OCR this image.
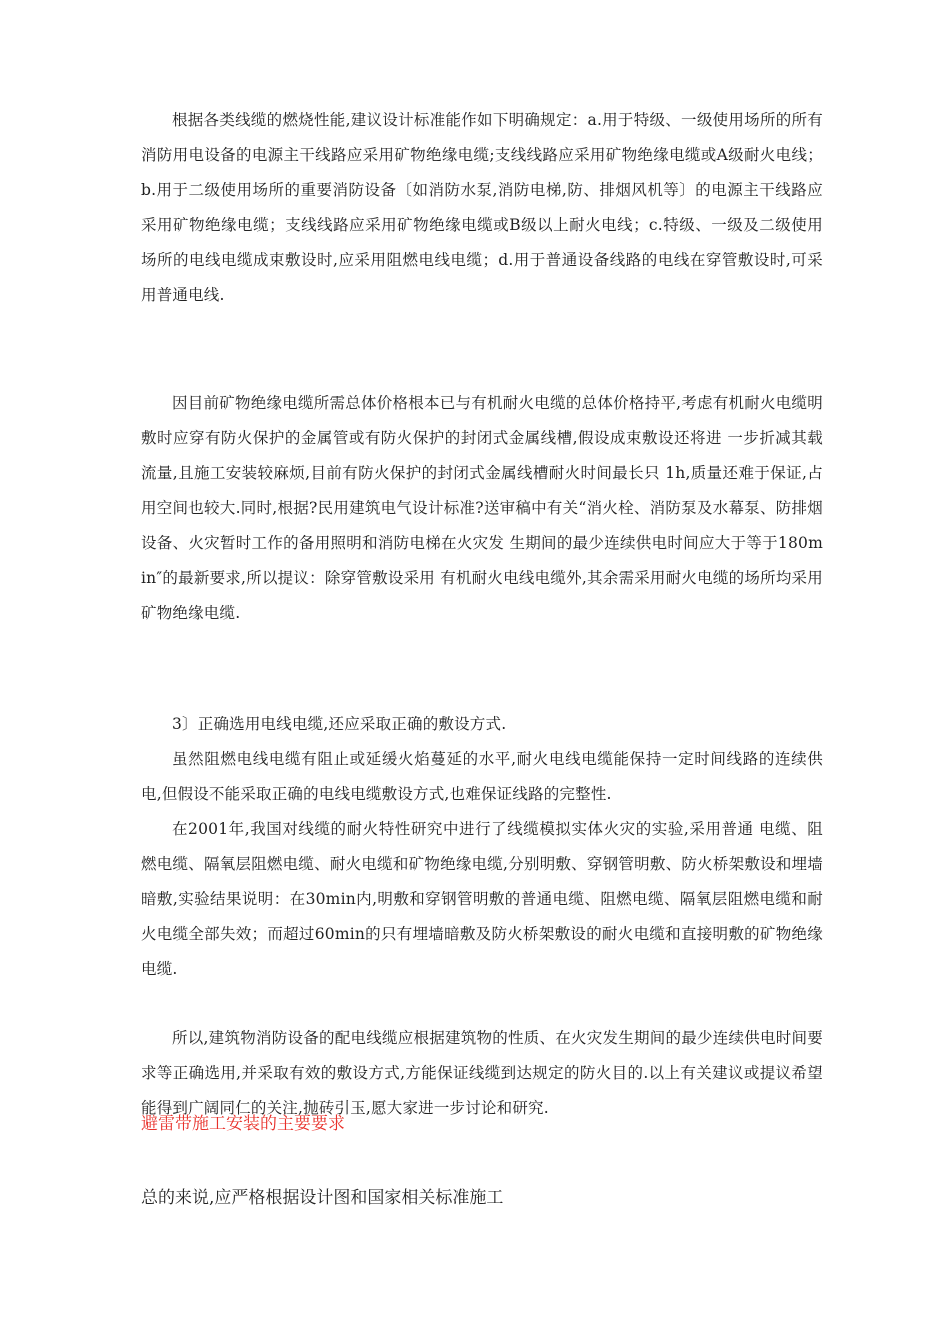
根据各类线缆的燃烧性能,建议设计标准能作如下明确规定：a.用于特级、一级使用场所的所有消防用电设备的电源主干线路应采用矿物绝缘电缆;支线线路应采用矿物绝缘电缆或A级耐火电线；b.用于二级使用场所的重要消防设备〔如消防水泵,消防电梯,防、排烟风机等〕的电源主干线路应采用矿物绝缘电缆；支线线路应采用矿物绝缘电缆或B级以上耐火电线；c.特级、一级及二级使用场所的电线电缆成束敷设时,应采用阻燃电线电缆；d.用于普通设备线路的电线在穿管敷设时,可采用普通电线.

因目前矿物绝缘电缆所需总体价格根本已与有机耐火电缆的总体价格持平,考虑有机耐火电缆明敷时应穿有防火保护的金属管或有防火保护的封闭式金属线槽,假设成束敷设还将进 一步折减其载流量,且施工安装较麻烦,目前有防火保护的封闭式金属线槽耐火时间最长只 1h,质量还难于保证,占用空间也较大.同时,根据?民用建筑电气设计标准?送审稿中有关“消火栓、消防泵及水幕泵、防排烟设备、火灾暂时工作的备用照明和消防电梯在火灾发 生期间的最少连续供电时间应大于等于180min″的最新要求,所以提议：除穿管敷设采用 有机耐火电线电缆外,其余需采用耐火电缆的场所均采用矿物绝缘电缆.

3〕正确选用电线电缆,还应采取正确的敷设方式.

虽然阻燃电线电缆有阻止或延缓火焰蔓延的水平,耐火电线电缆能保持一定时间线路的连续供电,但假设不能采取正确的电线电缆敷设方式,也难保证线路的完整性.

在2001年,我国对线缆的耐火特性研究中进行了线缆模拟实体火灾的实验,采用普通 电缆、阻燃电缆、隔氧层阻燃电缆、耐火电缆和矿物绝缘电缆,分别明敷、穿钢管明敷、防火桥架敷设和埋墙暗敷,实验结果说明：在30min内,明敷和穿钢管明敷的普通电缆、阻燃电缆、隔氧层阻燃电缆和耐火电缆全部失效；而超过60min的只有埋墙暗敷及防火桥架敷设的耐火电缆和直接明敷的矿物绝缘电缆.

所以,建筑物消防设备的配电线缆应根据建筑物的性质、在火灾发生期间的最少连续供电时间要求等正确选用,并采取有效的敷设方式,方能保证线缆到达规定的防火目的.以上有关建议或提议希望能得到广阔同仁的关注,抛砖引玉,愿大家进一步讨论和研究.

避雷带施工安装的主要要求

总的来说,应严格根据设计图和国家相关标准施工
